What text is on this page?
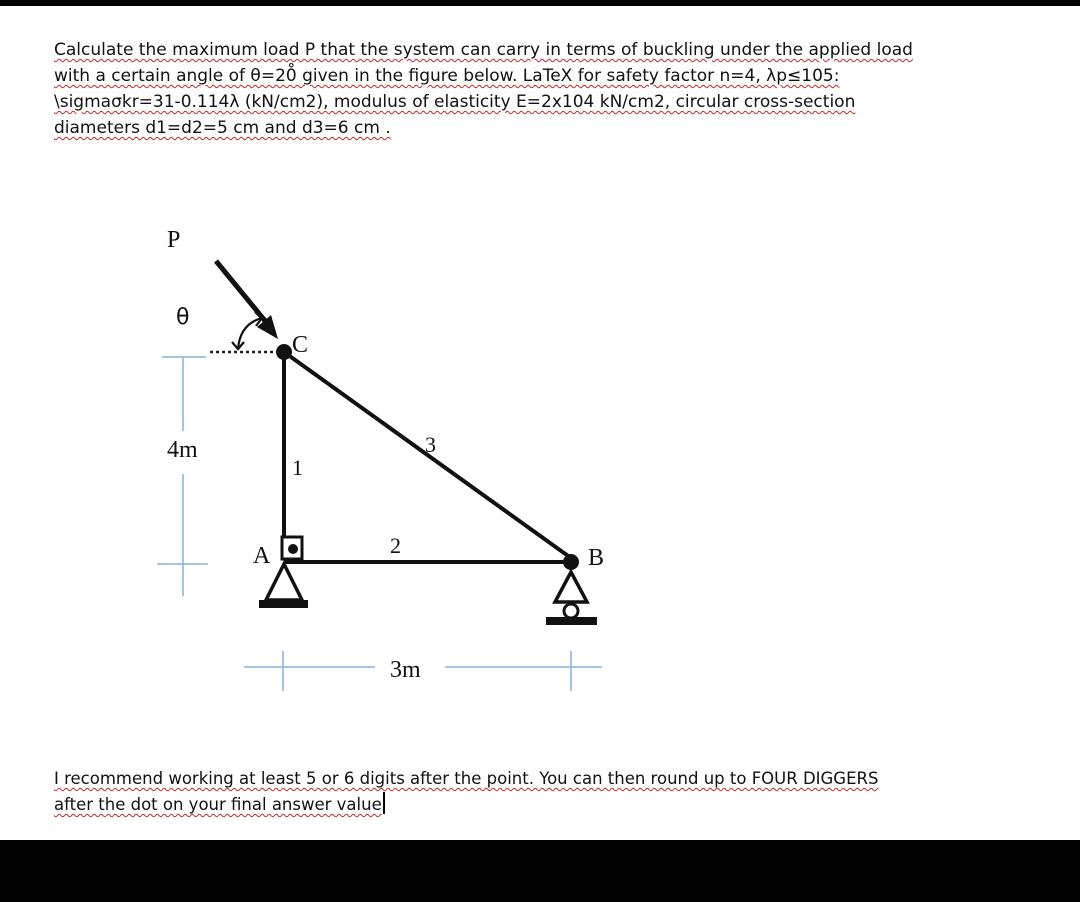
Calculate the maximum load P that the system can carry in terms of buckling under the applied load
with a certain angle of θ=20̊ given in the figure below. LaTeX for safety factor n=4, λp≤105:
\sigmaσkr=31-0.114λ (kN/cm2), modulus of elasticity E=2x104 kN/cm2, circular cross-section
diameters d1=d2=5 cm and d3=6 cm .
P
θ
4m
C
1
3
2
A	B
3m
I recommend working at least 5 or 6 digits after the point. You can then round up to FOUR DIGGERS
after the dot on your final answer value
